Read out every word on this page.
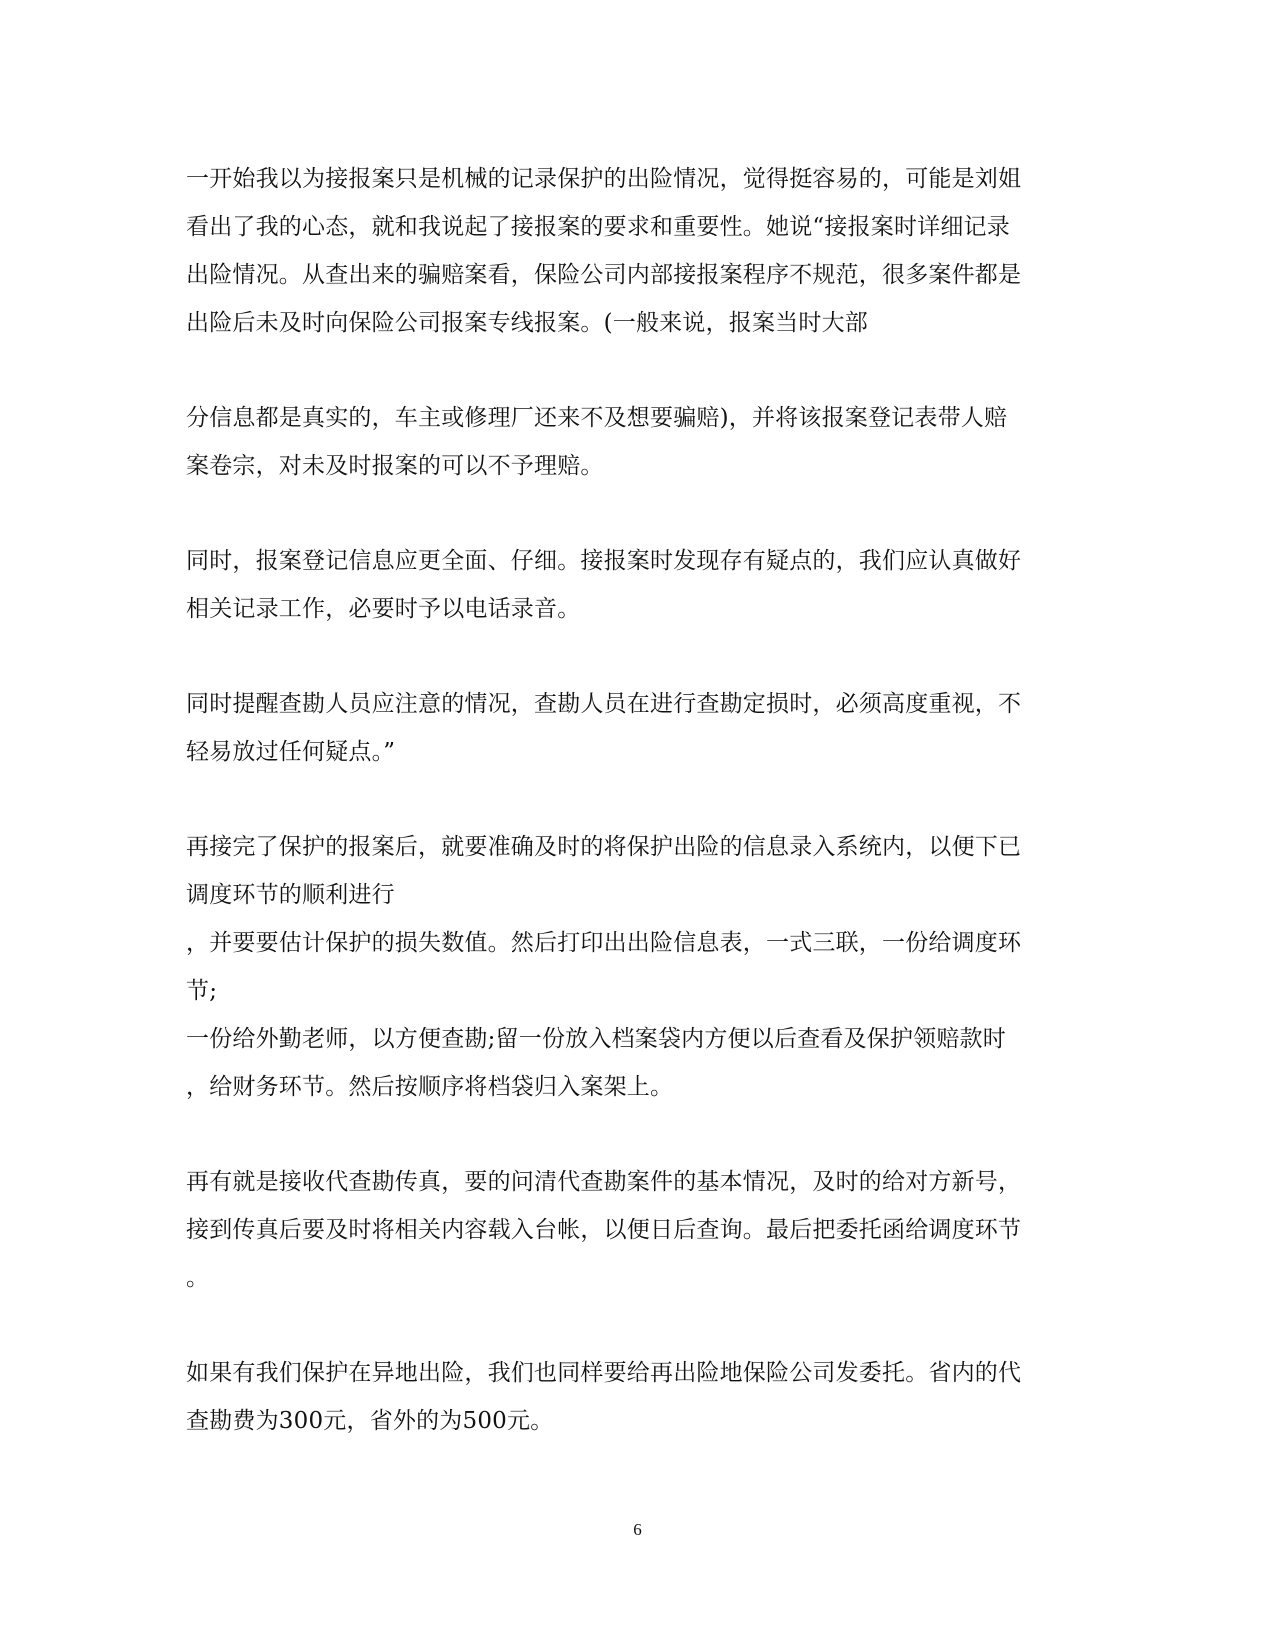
一开始我以为接报案只是机械的记录保护的出险情况，觉得挺容易的，可能是刘姐
看出了我的心态，就和我说起了接报案的要求和重要性。她说“接报案时详细记录
出险情况。从查出来的骗赔案看，保险公司内部接报案程序不规范，很多案件都是
出险后未及时向保险公司报案专线报案。(一般来说，报案当时大部
分信息都是真实的，车主或修理厂还来不及想要骗赔)，并将该报案登记表带人赔
案卷宗，对未及时报案的可以不予理赔。
同时，报案登记信息应更全面、仔细。接报案时发现存有疑点的，我们应认真做好
相关记录工作，必要时予以电话录音。
同时提醒查勘人员应注意的情况，查勘人员在进行查勘定损时，必须高度重视，不
轻易放过任何疑点。”
再接完了保护的报案后，就要准确及时的将保护出险的信息录入系统内，以便下已
调度环节的顺利进行
，并要要估计保护的损失数值。然后打印出出险信息表，一式三联，一份给调度环
节;
一份给外勤老师，以方便查勘;留一份放入档案袋内方便以后查看及保护领赔款时
，给财务环节。然后按顺序将档袋归入案架上。
再有就是接收代查勘传真，要的问清代查勘案件的基本情况，及时的给对方新号，
接到传真后要及时将相关内容载入台帐，以便日后查询。最后把委托函给调度环节
。
如果有我们保护在异地出险，我们也同样要给再出险地保险公司发委托。省内的代
查勘费为300元，省外的为500元。
6
